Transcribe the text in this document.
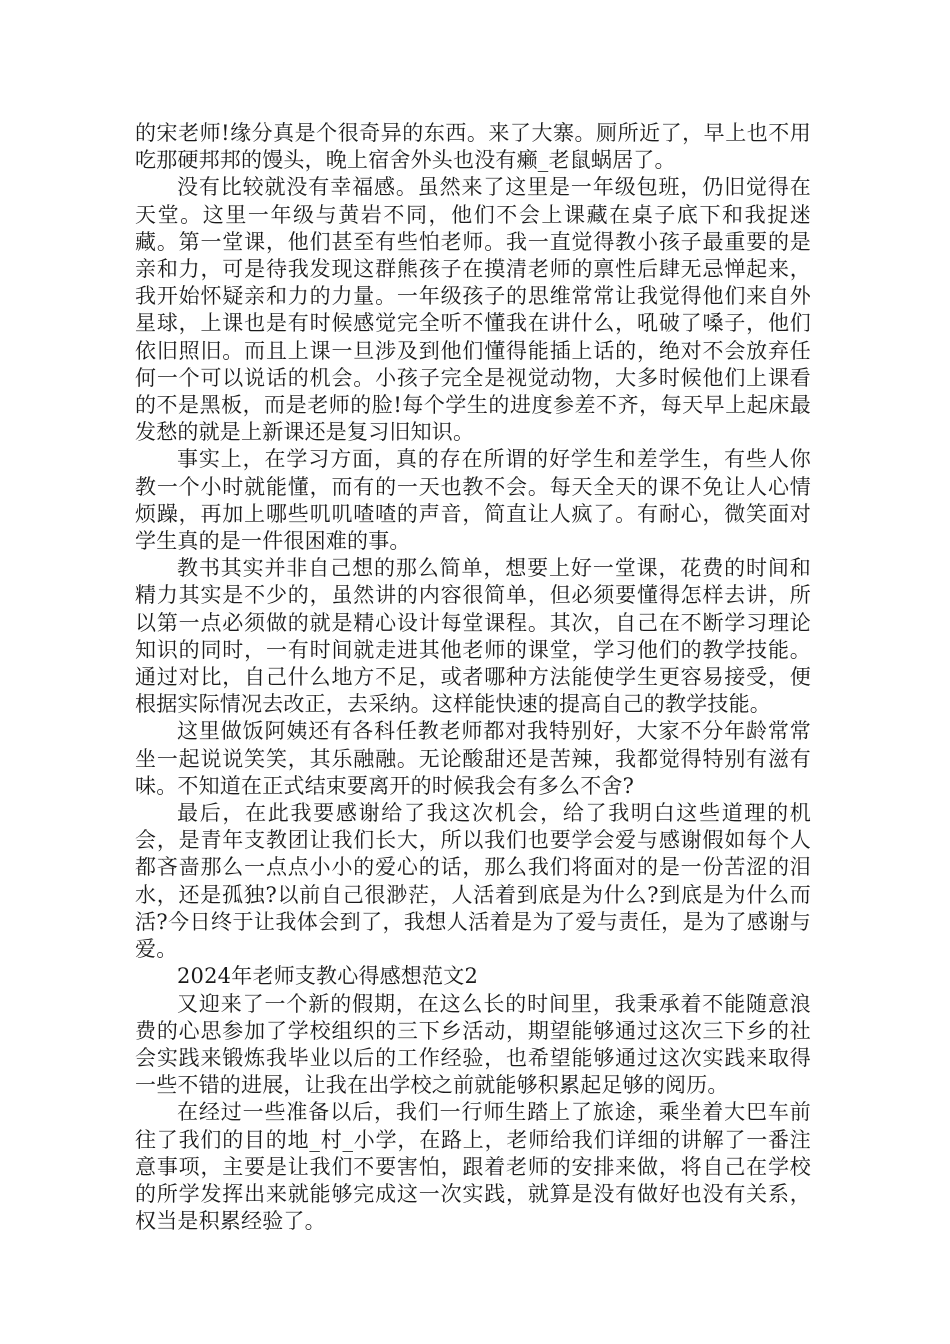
的宋老师!缘分真是个很奇异的东西。来了大寨。厕所近了，早上也不用吃那硬邦邦的馒头，晚上宿舍外头也没有癞_老鼠蜗居了。

没有比较就没有幸福感。虽然来了这里是一年级包班，仍旧觉得在天堂。这里一年级与黄岩不同，他们不会上课藏在桌子底下和我捉迷藏。第一堂课，他们甚至有些怕老师。我一直觉得教小孩子最重要的是亲和力，可是待我发现这群熊孩子在摸清老师的禀性后肆无忌惮起来，我开始怀疑亲和力的力量。一年级孩子的思维常常让我觉得他们来自外星球，上课也是有时候感觉完全听不懂我在讲什么，吼破了嗓子，他们依旧照旧。而且上课一旦涉及到他们懂得能插上话的，绝对不会放弃任何一个可以说话的机会。小孩子完全是视觉动物，大多时候他们上课看的不是黑板，而是老师的脸!每个学生的进度参差不齐，每天早上起床最发愁的就是上新课还是复习旧知识。

事实上，在学习方面，真的存在所谓的好学生和差学生，有些人你教一个小时就能懂，而有的一天也教不会。每天全天的课不免让人心情烦躁，再加上哪些叽叽喳喳的声音，简直让人疯了。有耐心，微笑面对学生真的是一件很困难的事。

教书其实并非自己想的那么简单，想要上好一堂课，花费的时间和精力其实是不少的，虽然讲的内容很简单，但必须要懂得怎样去讲，所以第一点必须做的就是精心设计每堂课程。其次，自己在不断学习理论知识的同时，一有时间就走进其他老师的课堂，学习他们的教学技能。通过对比，自己什么地方不足，或者哪种方法能使学生更容易接受，便根据实际情况去改正，去采纳。这样能快速的提高自己的教学技能。

这里做饭阿姨还有各科任教老师都对我特别好，大家不分年龄常常坐一起说说笑笑，其乐融融。无论酸甜还是苦辣，我都觉得特别有滋有味。不知道在正式结束要离开的时候我会有多么不舍?

最后，在此我要感谢给了我这次机会，给了我明白这些道理的机会，是青年支教团让我们长大，所以我们也要学会爱与感谢假如每个人都吝啬那么一点点小小的爱心的话，那么我们将面对的是一份苦涩的泪水，还是孤独?以前自己很渺茫，人活着到底是为什么?到底是为什么而活?今日终于让我体会到了，我想人活着是为了爱与责任，是为了感谢与爱。

2024年老师支教心得感想范文2

又迎来了一个新的假期，在这么长的时间里，我秉承着不能随意浪费的心思参加了学校组织的三下乡活动，期望能够通过这次三下乡的社会实践来锻炼我毕业以后的工作经验，也希望能够通过这次实践来取得一些不错的进展，让我在出学校之前就能够积累起足够的阅历。

在经过一些准备以后，我们一行师生踏上了旅途，乘坐着大巴车前往了我们的目的地_村_小学，在路上，老师给我们详细的讲解了一番注意事项，主要是让我们不要害怕，跟着老师的安排来做，将自己在学校的所学发挥出来就能够完成这一次实践，就算是没有做好也没有关系，权当是积累经验了。
